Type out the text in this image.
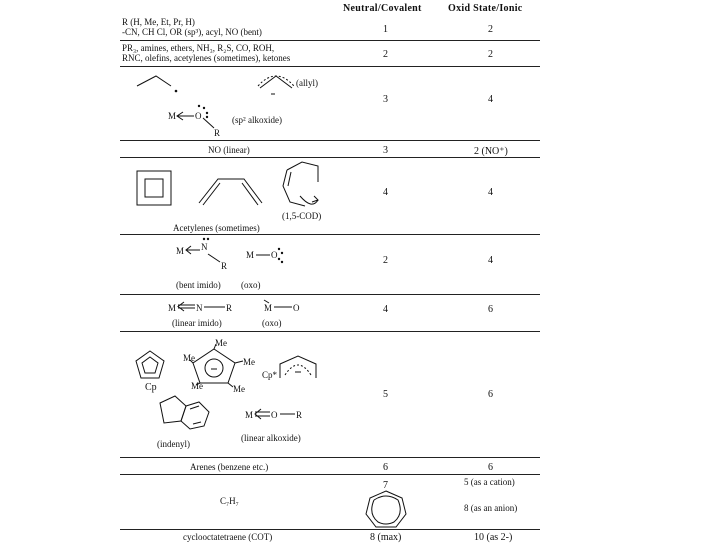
Neutral/Covalent	Oxid State/Ionic
R (H, Me, Et, Pr, H)
-CN, CH Cl, OR (sp³), acyl, NO (bent)	1	2
PR₃, amines, ethers, NH₃, R₂S, CO, ROH,
RNC, olefins, acetylenes (sometimes), ketones	2	2
(allyl)
M O
R
(sp² alkoxide)
3	4
NO (linear)	3	2 (NO⁺)
(1,5-COD)
Acetylenes (sometimes)
4	4
M N
R
M O
(bent imido) (oxo)
2	4
M N	R	M O
(linear imido)	(oxo)
4	6
Cp
Me
Me	Me
Me	Me
Cp*
M O R
(indenyl)
(linear alkoxide)
5	6
Arenes (benzene etc.)	6	6
C₇H₇
7	5 (as a cation)
8 (as an anion)
cyclooctatetraene (COT)	8 (max)	10 (as 2-)
